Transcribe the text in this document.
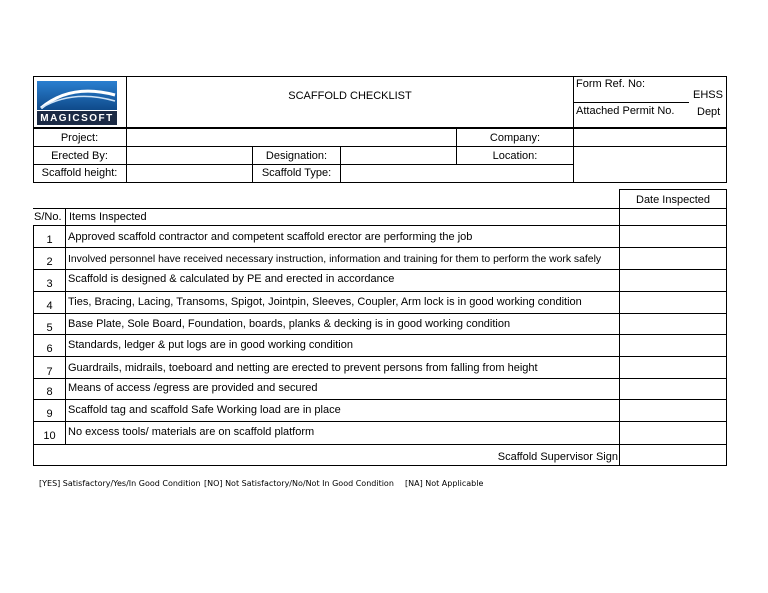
MAGICSOFT
SCAFFOLD CHECKLIST
Form Ref. No:
Attached Permit No.
EHSS
Dept
Project:	Company:
Erected By:	Designation:	Location:
Scaffold height:	Scaffold Type:
Date Inspected
S/No. Items Inspected
1	Approved scaffold contractor and competent scaffold erector are performing the job
2	Involved personnel have received necessary instruction, information and training for them to perform the work safely
3	Scaffold is designed & calculated by PE and erected in accordance
4	Ties, Bracing, Lacing, Transoms, Spigot, Jointpin, Sleeves, Coupler, Arm lock is in good working condition
5	Base Plate, Sole Board, Foundation, boards, planks & decking is in good working condition
6	Standards, ledger & put logs are in good working condition
7	Guardrails, midrails, toeboard and netting are erected to prevent persons from falling from height
8	Means of access /egress are provided and secured
9	Scaffold tag and scaffold Safe Working load are in place
10	No excess tools/ materials are on scaffold platform
Scaffold Supervisor Sign
[YES] Satisfactory/Yes/In Good Condition [NO] Not Satisfactory/No/Not In Good Condition [NA] Not Applicable
